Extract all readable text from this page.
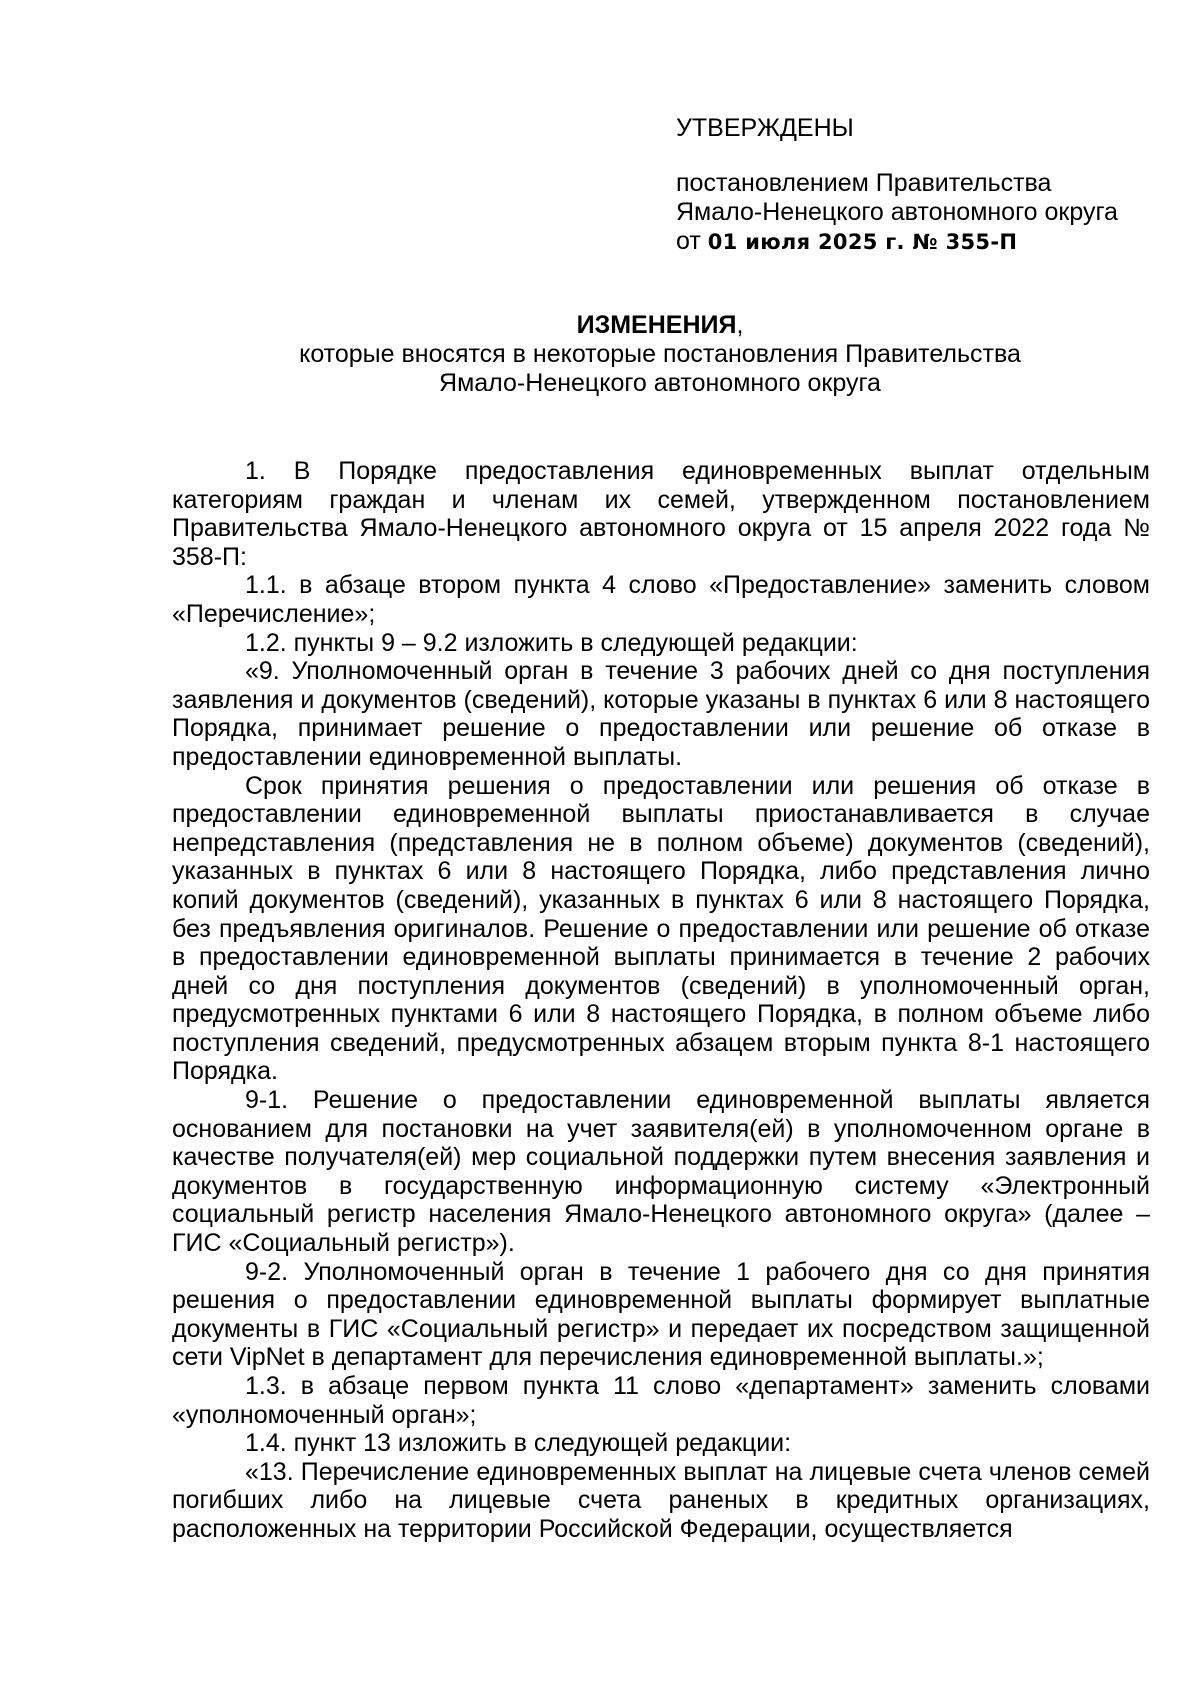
УТВЕРЖДЕНЫ
постановлением Правительства
Ямало-Ненецкого автономного округа
от 01 июля 2025 г. № 355-П
ИЗМЕНЕНИЯ,
которые вносятся в некоторые постановления Правительства
Ямало-Ненецкого автономного округа

1. В Порядке предоставления единовременных выплат отдельным категориям граждан и членам их семей, утвержденном постановлением Правительства Ямало-Ненецкого автономного округа от 15 апреля 2022 года № 358-П:

1.1. в абзаце втором пункта 4 слово «Предоставление» заменить словом «Перечисление»;

1.2. пункты 9 – 9.2 изложить в следующей редакции:

«9. Уполномоченный орган в течение 3 рабочих дней со дня поступления заявления и документов (сведений), которые указаны в пунктах 6 или 8 настоящего Порядка, принимает решение о предоставлении или решение об отказе в предоставлении единовременной выплаты.

Срок принятия решения о предоставлении или решения об отказе в предоставлении единовременной выплаты приостанавливается в случае непредставления (представления не в полном объеме) документов (сведений), указанных в пунктах 6 или 8 настоящего Порядка, либо представления лично копий документов (сведений), указанных в пунктах 6 или 8 настоящего Порядка, без предъявления оригиналов. Решение о предоставлении или решение об отказе в предоставлении единовременной выплаты принимается в течение 2 рабочих дней со дня поступления документов (сведений) в уполномоченный орган, предусмотренных пунктами 6 или 8 настоящего Порядка, в полном объеме либо поступления сведений, предусмотренных абзацем вторым пункта 8-1 настоящего Порядка.

9-1. Решение о предоставлении единовременной выплаты является основанием для постановки на учет заявителя(ей) в уполномоченном органе в качестве получателя(ей) мер социальной поддержки путем внесения заявления и документов в государственную информационную систему «Электронный социальный регистр населения Ямало-Ненецкого автономного округа» (далее – ГИС «Социальный регистр»).

9-2. Уполномоченный орган в течение 1 рабочего дня со дня принятия решения о предоставлении единовременной выплаты формирует выплатные документы в ГИС «Социальный регистр» и передает их посредством защищенной сети VipNet в департамент для перечисления единовременной выплаты.»;

1.3. в абзаце первом пункта 11 слово «департамент» заменить словами «уполномоченный орган»;

1.4. пункт 13 изложить в следующей редакции:

«13. Перечисление единовременных выплат на лицевые счета членов семей погибших либо на лицевые счета раненых в кредитных организациях, расположенных на территории Российской Федерации, осуществляется
